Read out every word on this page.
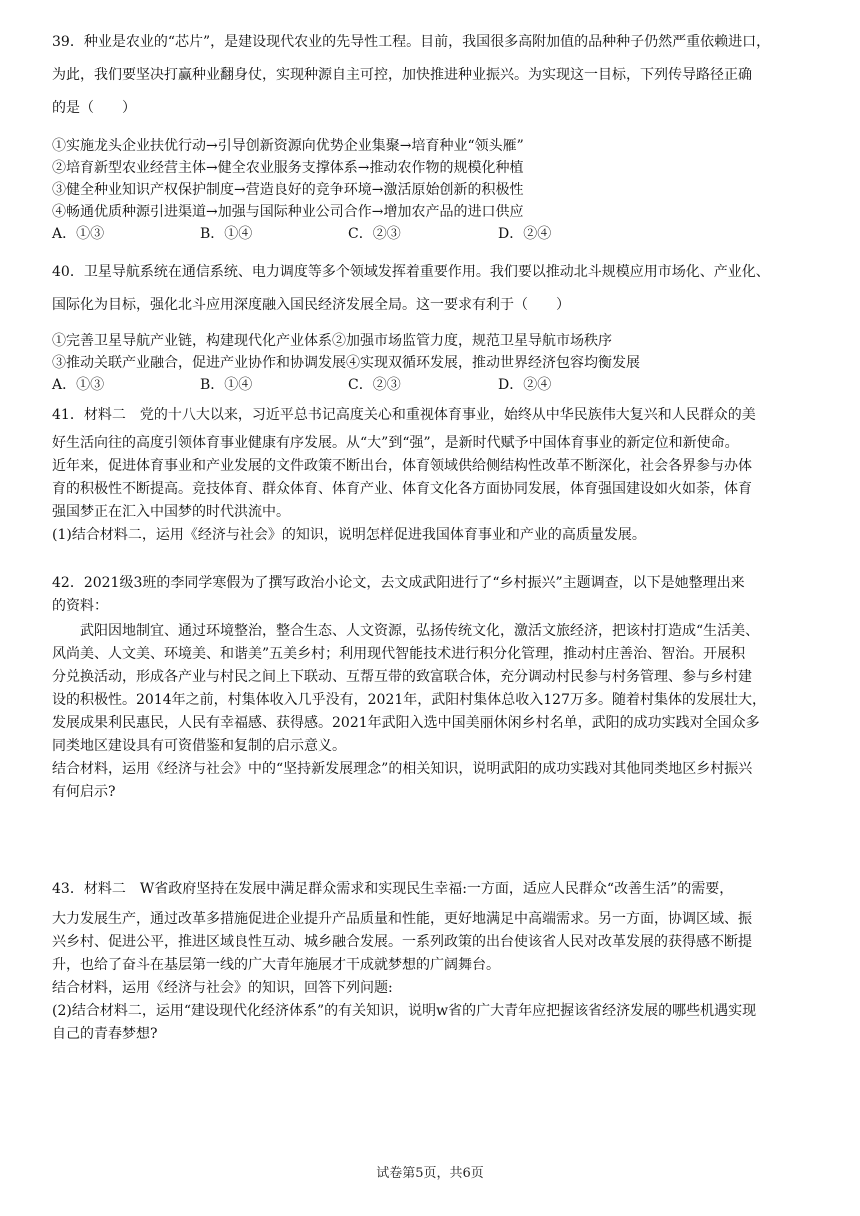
39．种业是农业的“芯片”，是建设现代农业的先导性工程。目前，我国很多高附加值的品种种子仍然严重依赖进口，
为此，我们要坚决打赢种业翻身仗，实现种源自主可控，加快推进种业振兴。为实现这一目标，下列传导路径正确
的是（　　）
①实施龙头企业扶优行动→引导创新资源向优势企业集聚→培育种业“领头雁”
②培育新型农业经营主体→健全农业服务支撑体系→推动农作物的规模化种植
③健全种业知识产权保护制度→营造良好的竞争环境→激活原始创新的积极性
④畅通优质种源引进渠道→加强与国际种业公司合作→增加农产品的进口供应
A．①③	B．①④	C．②③	D．②④
40．卫星导航系统在通信系统、电力调度等多个领域发挥着重要作用。我们要以推动北斗规模应用市场化、产业化、
国际化为目标，强化北斗应用深度融入国民经济发展全局。这一要求有利于（　　）
①完善卫星导航产业链，构建现代化产业体系②加强市场监管力度，规范卫星导航市场秩序
③推动关联产业融合，促进产业协作和协调发展④实现双循环发展，推动世界经济包容均衡发展
A．①③	B．①④	C．②③	D．②④
41．材料二　党的十八大以来，习近平总书记高度关心和重视体育事业，始终从中华民族伟大复兴和人民群众的美
好生活向往的高度引领体育事业健康有序发展。从“大”到“强”，是新时代赋予中国体育事业的新定位和新使命。
近年来，促进体育事业和产业发展的文件政策不断出台，体育领域供给侧结构性改革不断深化，社会各界参与办体
育的积极性不断提高。竞技体育、群众体育、体育产业、体育文化各方面协同发展，体育强国建设如火如荼，体育
强国梦正在汇入中国梦的时代洪流中。
(1)结合材料二，运用《经济与社会》的知识，说明怎样促进我国体育事业和产业的高质量发展。
42．2021级3班的李同学寒假为了撰写政治小论文，去文成武阳进行了“乡村振兴”主题调查，以下是她整理出来
的资料：
武阳因地制宜、通过环境整治，整合生态、人文资源，弘扬传统文化，激活文旅经济，把该村打造成“生活美、
风尚美、人文美、环境美、和谐美”五美乡村；利用现代智能技术进行积分化管理，推动村庄善治、智治。开展积
分兑换活动，形成各产业与村民之间上下联动、互帮互带的致富联合体，充分调动村民参与村务管理、参与乡村建
设的积极性。2014年之前，村集体收入几乎没有，2021年，武阳村集体总收入127万多。随着村集体的发展壮大，
发展成果利民惠民，人民有幸福感、获得感。2021年武阳入选中国美丽休闲乡村名单，武阳的成功实践对全国众多
同类地区建设具有可资借鉴和复制的启示意义。
结合材料，运用《经济与社会》中的“坚持新发展理念”的相关知识，说明武阳的成功实践对其他同类地区乡村振兴
有何启示?
43．材料二　W省政府坚持在发展中满足群众需求和实现民生幸福:一方面，适应人民群众“改善生活”的需要，
大力发展生产，通过改革多措施促进企业提升产品质量和性能，更好地满足中高端需求。另一方面，协调区域、振
兴乡村、促进公平，推进区域良性互动、城乡融合发展。一系列政策的出台使该省人民对改革发展的获得感不断提
升，也给了奋斗在基层第一线的广大青年施展才干成就梦想的广阔舞台。
结合材料，运用《经济与社会》的知识，回答下列问题:
(2)结合材料二，运用“建设现代化经济体系”的有关知识，说明w省的广大青年应把握该省经济发展的哪些机遇实现
自己的青春梦想?
试卷第5页，共6页
